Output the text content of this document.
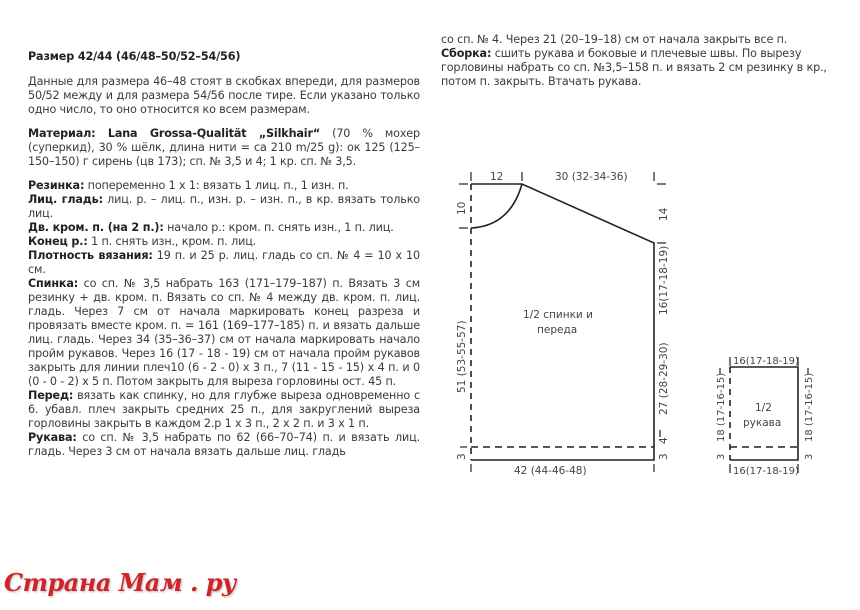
Размер 42/44 (46/48–50/52–54/56)

Данные для размера 46–48 стоят в скобках впереди, для размеров 50/52 между и для размера 54/56 после тире. Если указано только одно число, то оно относится ко всем размерам.

Материал: Lana Grossa-Qualität „Silkhair“ (70 % мохер (суперкид), 30 % шёлк, длина нити = ca 210 m/25 g): ок 125 (125–150–150) г сирень (цв 173); сп. № 3,5 и 4; 1 кр. сп. № 3,5.

Резинка: попеременно 1 х 1: вязать 1 лиц. п., 1 изн. п.

Лиц. гладь: лиц. р. – лиц. п., изн. р. – изн. п., в кр. вязать только лиц.

Дв. кром. п. (на 2 п.): начало р.: кром. п. снять изн., 1 п. лиц.

Конец р.: 1 п. снять изн., кром. п. лиц.

Плотность вязания: 19 п. и 25 р. лиц. гладь со сп. № 4 = 10 х 10 см.

Спинка: со сп. № 3,5 набрать 163 (171–179–187) п. Вязать 3 см резинку + дв. кром. п. Вязать со сп. № 4 между дв. кром. п. лиц. гладь. Через 7 см от начала маркировать конец разреза и провязать вместе кром. п. = 161 (169–177–185) п. и вязать дальше лиц. гладь. Через 34 (35–36–37) см от начала маркировать начало пройм рукавов. Через 16 (17 - 18 - 19) см от начала пройм рукавов закрыть для линии плеч10 (6 - 2 - 0) х 3 п., 7 (11 - 15 - 15) х 4 п. и 0 (0 - 0 - 2) х 5 п. Потом закрыть для выреза горловины ост. 45 п.

Перед: вязать как спинку, но для глубже выреза одновременно с 6. убавл. плеч закрыть средних 25 п., для закруглений выреза горловины закрыть в каждом 2.р 1 х 3 п., 2 х 2 п. и 3 х 1 п.

Рукава: со сп. № 3,5 набрать по 62 (66–70–74) п. и вязать лиц. гладь. Через 3 см от начала вязать дальше лиц. гладь

со сп. № 4. Через 21 (20–19–18) см от начала закрыть все п.

Сборка: сшить рукава и боковые и плечевые швы. По вырезу горловины набрать со сп. №3,5–158 п. и вязать 2 см резинку в кр., потом п. закрыть. Втачать рукава.

12	30 (32-34-36)
10
51 (53-55-57)
3
14
16(17-18-19)
27 (28-29-30)
4
3
42 (44-46-48)
1/2 спинки и
переда
16(17-18-19)
16(17-18-19)
18 (17-16-15)	18 (17-16-15)
3	3
1/2
рукава
Страна Мам . ру
